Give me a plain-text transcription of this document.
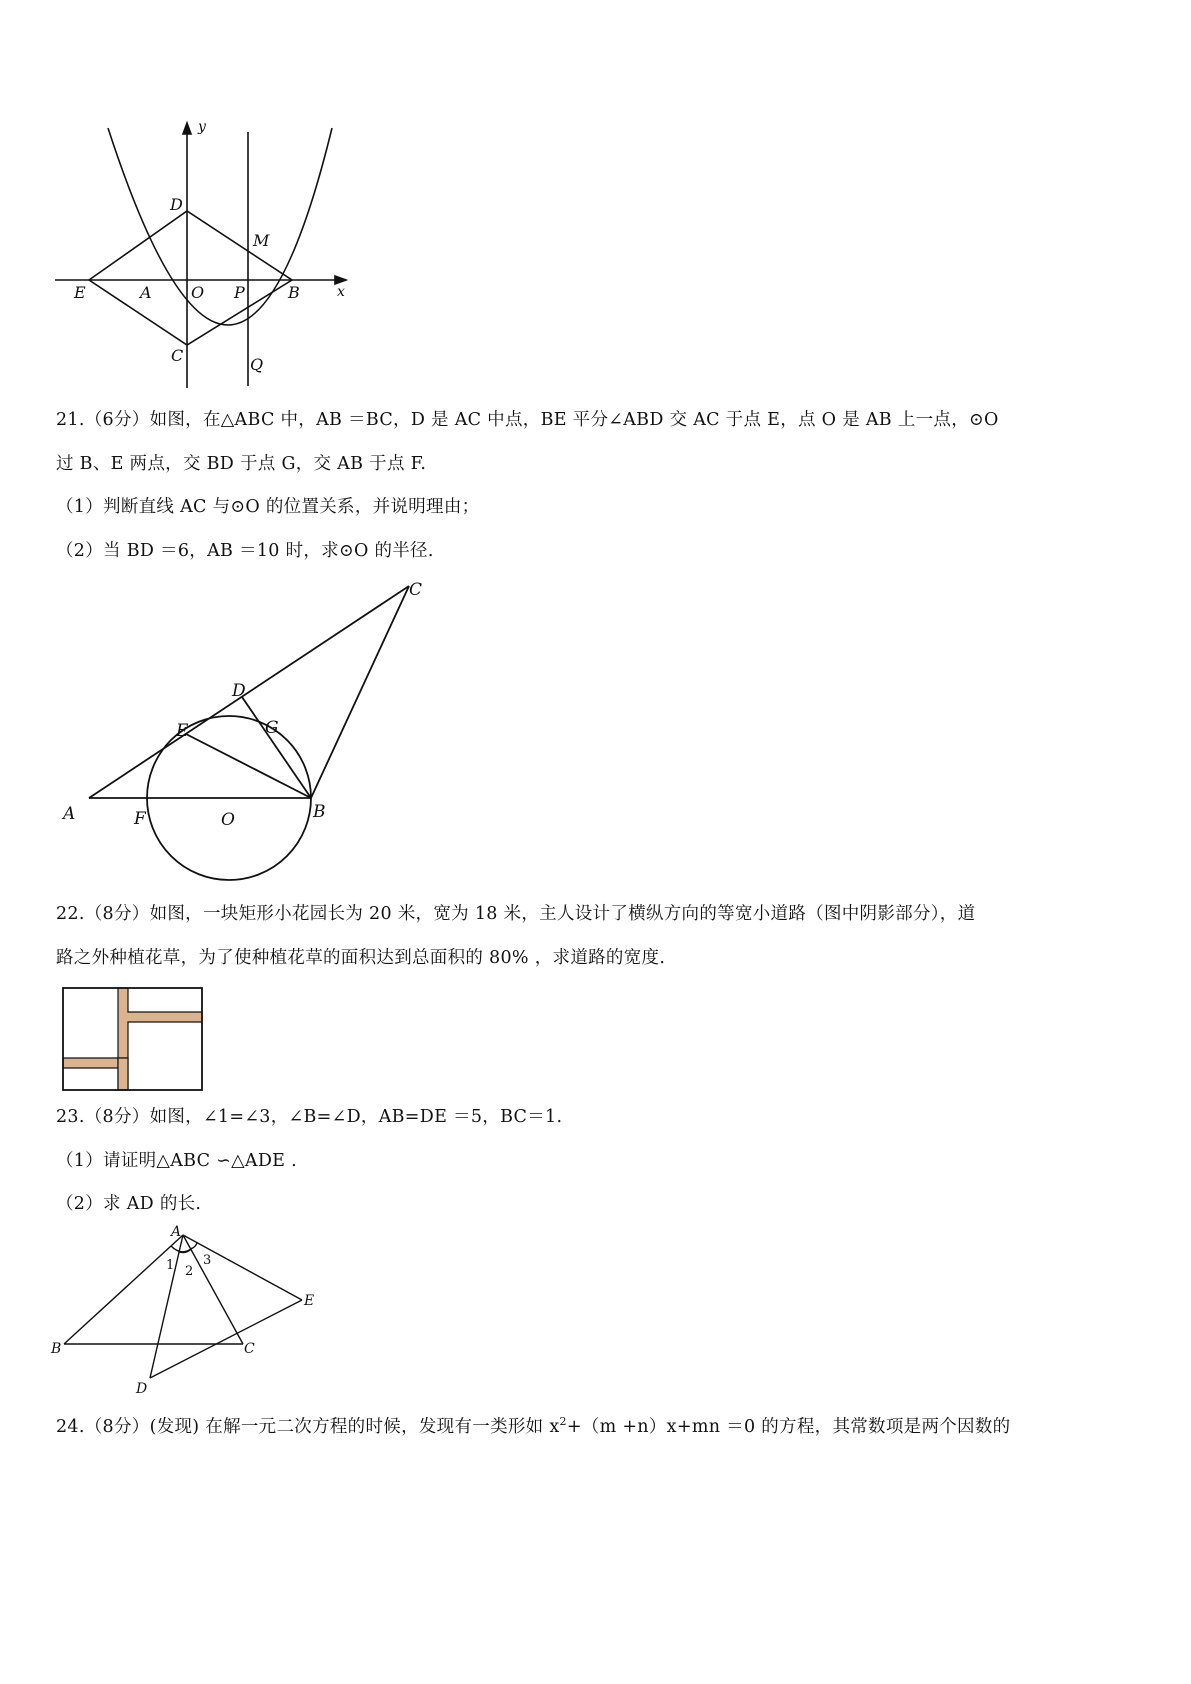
y
x
D
M
E	A O P	B
C	Q
21.（6分）如图，在△ABC 中，AB ＝BC，D 是 AC 中点，BE 平分∠ABD 交 AC 于点 E，点 O 是 AB 上一点，⊙O
过 B、E 两点，交 BD 于点 G，交 AB 于点 F.
（1）判断直线 AC 与⊙O 的位置关系，并说明理由；
（2）当 BD ＝6，AB ＝10 时，求⊙O 的半径.
C
D
G
E
A	F	O	B
22.（8分）如图，一块矩形小花园长为 20 米，宽为 18 米，主人设计了横纵方向的等宽小道路（图中阴影部分），道
路之外种植花草，为了使种植花草的面积达到总面积的 80% ，求道路的宽度.
23.（8分）如图，∠1=∠3，∠B=∠D，AB=DE ＝5，BC＝1.
（1）请证明△ABC ∽△ADE .
（2）求 AD 的长.
A
B	C
D
E
1 2
3
24.（8分）(发现) 在解一元二次方程的时候，发现有一类形如 $x^2+(m +n)x+mn =0$ 的方程，其常数项是两个因数的
